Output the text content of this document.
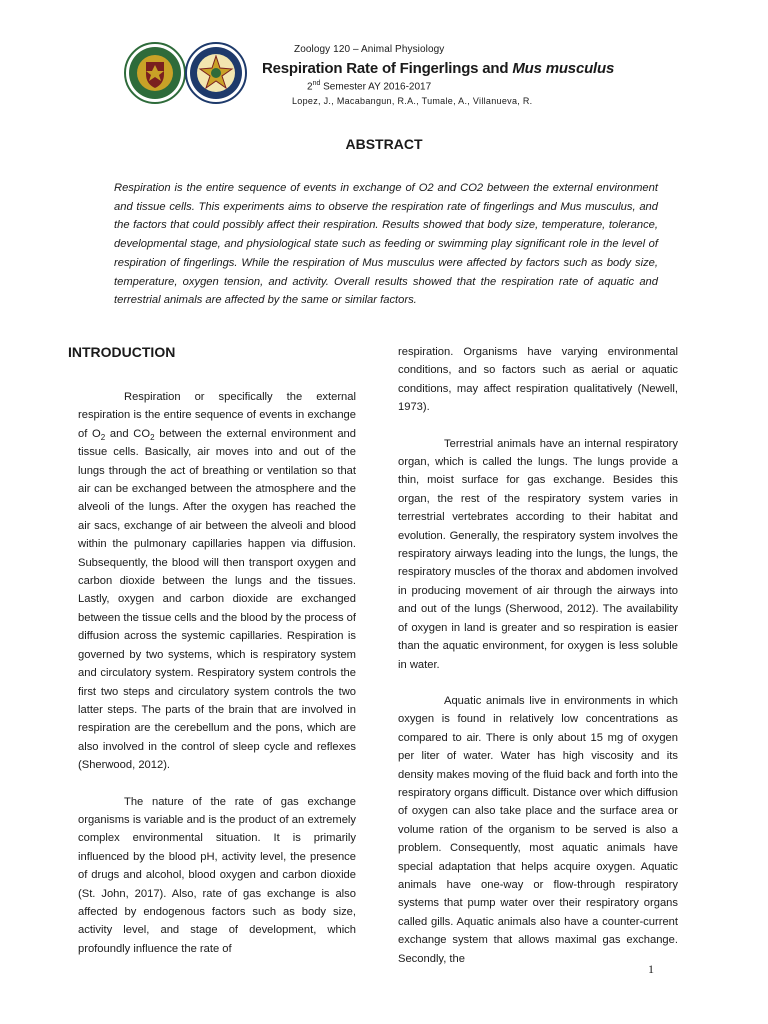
Zoology 120 – Animal Physiology
Respiration Rate of Fingerlings and Mus musculus
2nd Semester AY 2016-2017
Lopez, J., Macabangun, R.A., Tumale, A., Villanueva, R.
ABSTRACT
Respiration is the entire sequence of events in exchange of O2 and CO2 between the external environment and tissue cells. This experiments aims to observe the respiration rate of fingerlings and Mus musculus, and the factors that could possibly affect their respiration. Results showed that body size, temperature, tolerance, developmental stage, and physiological state such as feeding or swimming play significant role in the level of respiration of fingerlings. While the respiration of Mus musculus were affected by factors such as body size, temperature, oxygen tension, and activity. Overall results showed that the respiration rate of aquatic and terrestrial animals are affected by the same or similar factors.
INTRODUCTION

Respiration or specifically the external respiration is the entire sequence of events in exchange of $O_2$ and $CO_2$ between the external environment and tissue cells. Basically, air moves into and out of the lungs through the act of breathing or ventilation so that air can be exchanged between the atmosphere and the alveoli of the lungs. After the oxygen has reached the air sacs, exchange of air between the alveoli and blood within the pulmonary capillaries happen via diffusion. Subsequently, the blood will then transport oxygen and carbon dioxide between the lungs and the tissues. Lastly, oxygen and carbon dioxide are exchanged between the tissue cells and the blood by the process of diffusion across the systemic capillaries. Respiration is governed by two systems, which is respiratory system and circulatory system. Respiratory system controls the first two steps and circulatory system controls the two latter steps. The parts of the brain that are involved in respiration are the cerebellum and the pons, which are also involved in the control of sleep cycle and reflexes (Sherwood, 2012).

The nature of the rate of gas exchange organisms is variable and is the product of an extremely complex environmental situation. It is primarily influenced by the blood pH, activity level, the presence of drugs and alcohol, blood oxygen and carbon dioxide (St. John, 2017). Also, rate of gas exchange is also affected by endogenous factors such as body size, activity level, and stage of development, which profoundly influence the rate of

respiration. Organisms have varying environmental conditions, and so factors such as aerial or aquatic conditions, may affect respiration qualitatively (Newell, 1973).

Terrestrial animals have an internal respiratory organ, which is called the lungs. The lungs provide a thin, moist surface for gas exchange. Besides this organ, the rest of the respiratory system varies in terrestrial vertebrates according to their habitat and evolution. Generally, the respiratory system involves the respiratory airways leading into the lungs, the lungs, the respiratory muscles of the thorax and abdomen involved in producing movement of air through the airways into and out of the lungs (Sherwood, 2012). The availability of oxygen in land is greater and so respiration is easier than the aquatic environment, for oxygen is less soluble in water.

Aquatic animals live in environments in which oxygen is found in relatively low concentrations as compared to air. There is only about 15 mg of oxygen per liter of water. Water has high viscosity and its density makes moving of the fluid back and forth into the respiratory organs difficult. Distance over which diffusion of oxygen can also take place and the surface area or volume ration of the organism to be served is also a problem. Consequently, most aquatic animals have special adaptation that helps acquire oxygen. Aquatic animals have one-way or flow-through respiratory systems that pump water over their respiratory organs called gills. Aquatic animals also have a counter-current exchange system that allows maximal gas exchange. Secondly, the

1
